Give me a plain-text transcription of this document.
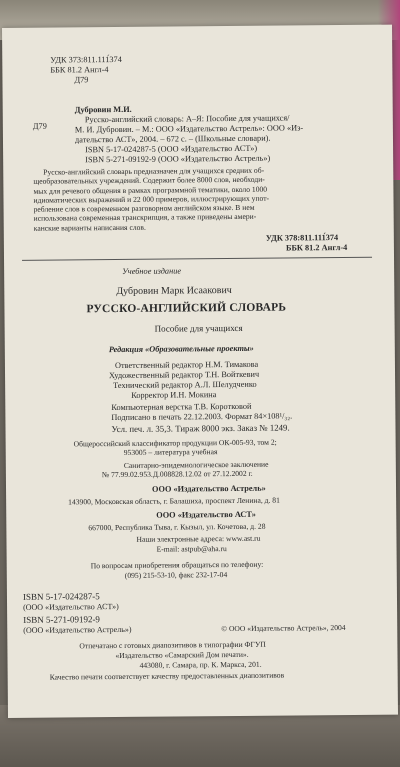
УДК 373:811.111́374
ББК 81.2 Англ-4
Д79
Дубровин М.И.
Д79
Русско-английский словарь: А–Я: Пособие для учащихся/
М. И. Дубровин. – М.: ООО «Издательство Астрель»: ООО «Из-
дательство АСТ», 2004. – 672 с. – (Школьные словари).
ISBN 5-17-024287-5 (ООО «Издательство АСТ»)
ISBN 5-271-09192-9 (ООО «Издательство Астрель»)

Русско-английский словарь предназначен для учащихся средних об-

щеобразовательных учреждений. Содержит более 8000 слов, необходи-

мых для речевого общения в рамках программной тематики, около 1000

идиоматических выражений и 22 000 примеров, иллюстрирующих упот-

ребление слов в современном разговорном английском языке. В нем

использована современная транскрипция, а также приведены амери-

канские варианты написания слов.

УДК 378:811.111́374
ББК 81.2 Англ-4
Учебное издание
Дубровин Марк Исаакович
РУССКО-АНГЛИЙСКИЙ СЛОВАРЬ
Пособие для учащихся
Редакция «Образовательные проекты»
Ответственный редактор Н.М. Тимакова
Художественный редактор Т.Н. Войткевич
Технический редактор А.Л. Шелудченко
Корректор И.Н. Мокина
Компьютерная верстка Т.В. Коротковой
Подписано в печать 22.12.2003. Формат 84×108¹/₃₂.
Усл. печ. л. 35,3. Тираж 8000 экз. Заказ № 1249.
Общероссийский классификатор продукции ОК-005-93, том 2;
953005 – литература учебная
Санитарно-эпидемиологическое заключение
№ 77.99.02.953.Д.008828.12.02 от 27.12.2002 г.
ООО «Издательство Астрель»
143900, Московская область, г. Балашиха, проспект Ленина, д. 81
ООО «Издательство АСТ»
667000, Республика Тыва, г. Кызыл, ул. Кочетова, д. 28
Наши электронные адреса: www.ast.ru
E-mail: astpub@aha.ru
По вопросам приобретения обращаться по телефону:
(095) 215-53-10, факс 232-17-04
ISBN 5-17-024287-5
(ООО «Издательство АСТ»)
ISBN 5-271-09192-9
(ООО «Издательство Астрель»)	© ООО «Издательство Астрель», 2004
Отпечатано с готовых диапозитивов в типографии ФГУП
«Издательство «Самарский Дом печати».
443080, г. Самара, пр. К. Маркса, 201.
Качество печати соответствует качеству предоставленных диапозитивов
